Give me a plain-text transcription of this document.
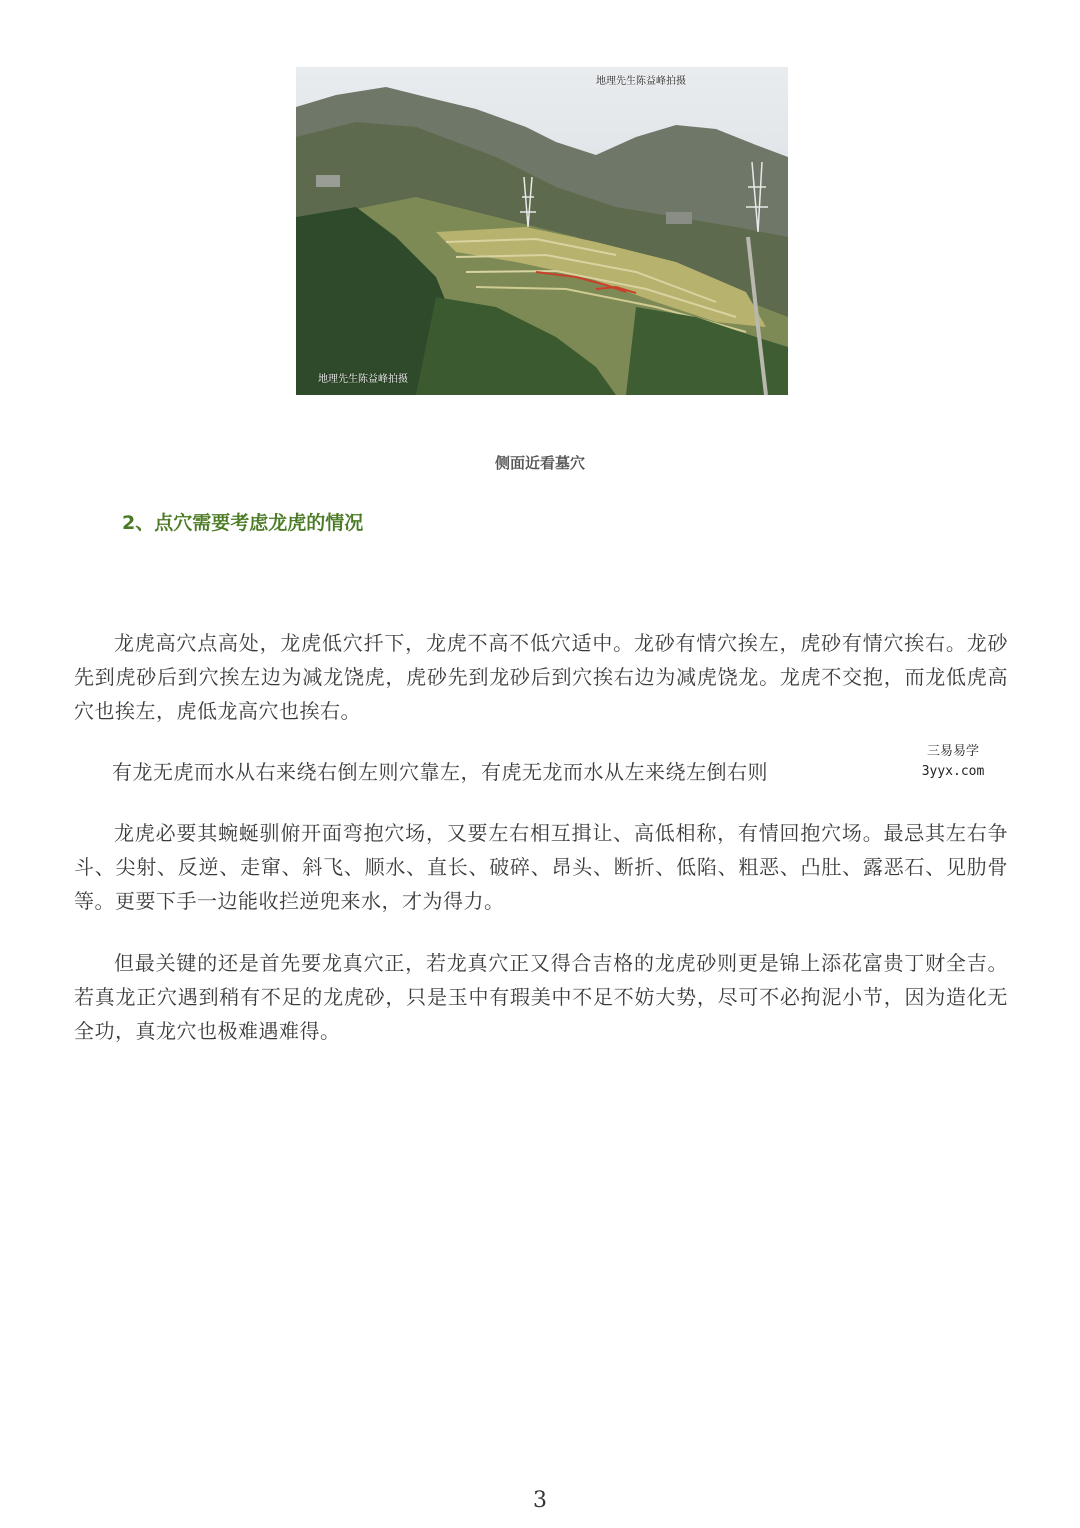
地理先生陈益峰拍摄
地理先生陈益峰拍摄
侧面近看墓穴
2、点穴需要考虑龙虎的情况

龙虎高穴点高处，龙虎低穴扦下，龙虎不高不低穴适中。龙砂有情穴挨左，虎砂有情穴挨右。龙砂先到虎砂后到穴挨左边为减龙饶虎，虎砂先到龙砂后到穴挨右边为减虎饶龙。龙虎不交抱，而龙低虎高穴也挨左，虎低龙高穴也挨右。

有龙无虎而水从右来绕右倒左则穴靠左，有虎无龙而水从左来绕左倒右则

龙虎必要其蜿蜒驯俯开面弯抱穴场，又要左右相互揖让、高低相称，有情回抱穴场。最忌其左右争斗、尖射、反逆、走窜、斜飞、顺水、直长、破碎、昂头、断折、低陷、粗恶、凸肚、露恶石、见肋骨等。更要下手一边能收拦逆兜来水，才为得力。

但最关键的还是首先要龙真穴正，若龙真穴正又得合吉格的龙虎砂则更是锦上添花富贵丁财全吉。若真龙正穴遇到稍有不足的龙虎砂，只是玉中有瑕美中不足不妨大势，尽可不必拘泥小节，因为造化无全功，真龙穴也极难遇难得。

三易易学
3yyx.com
3
